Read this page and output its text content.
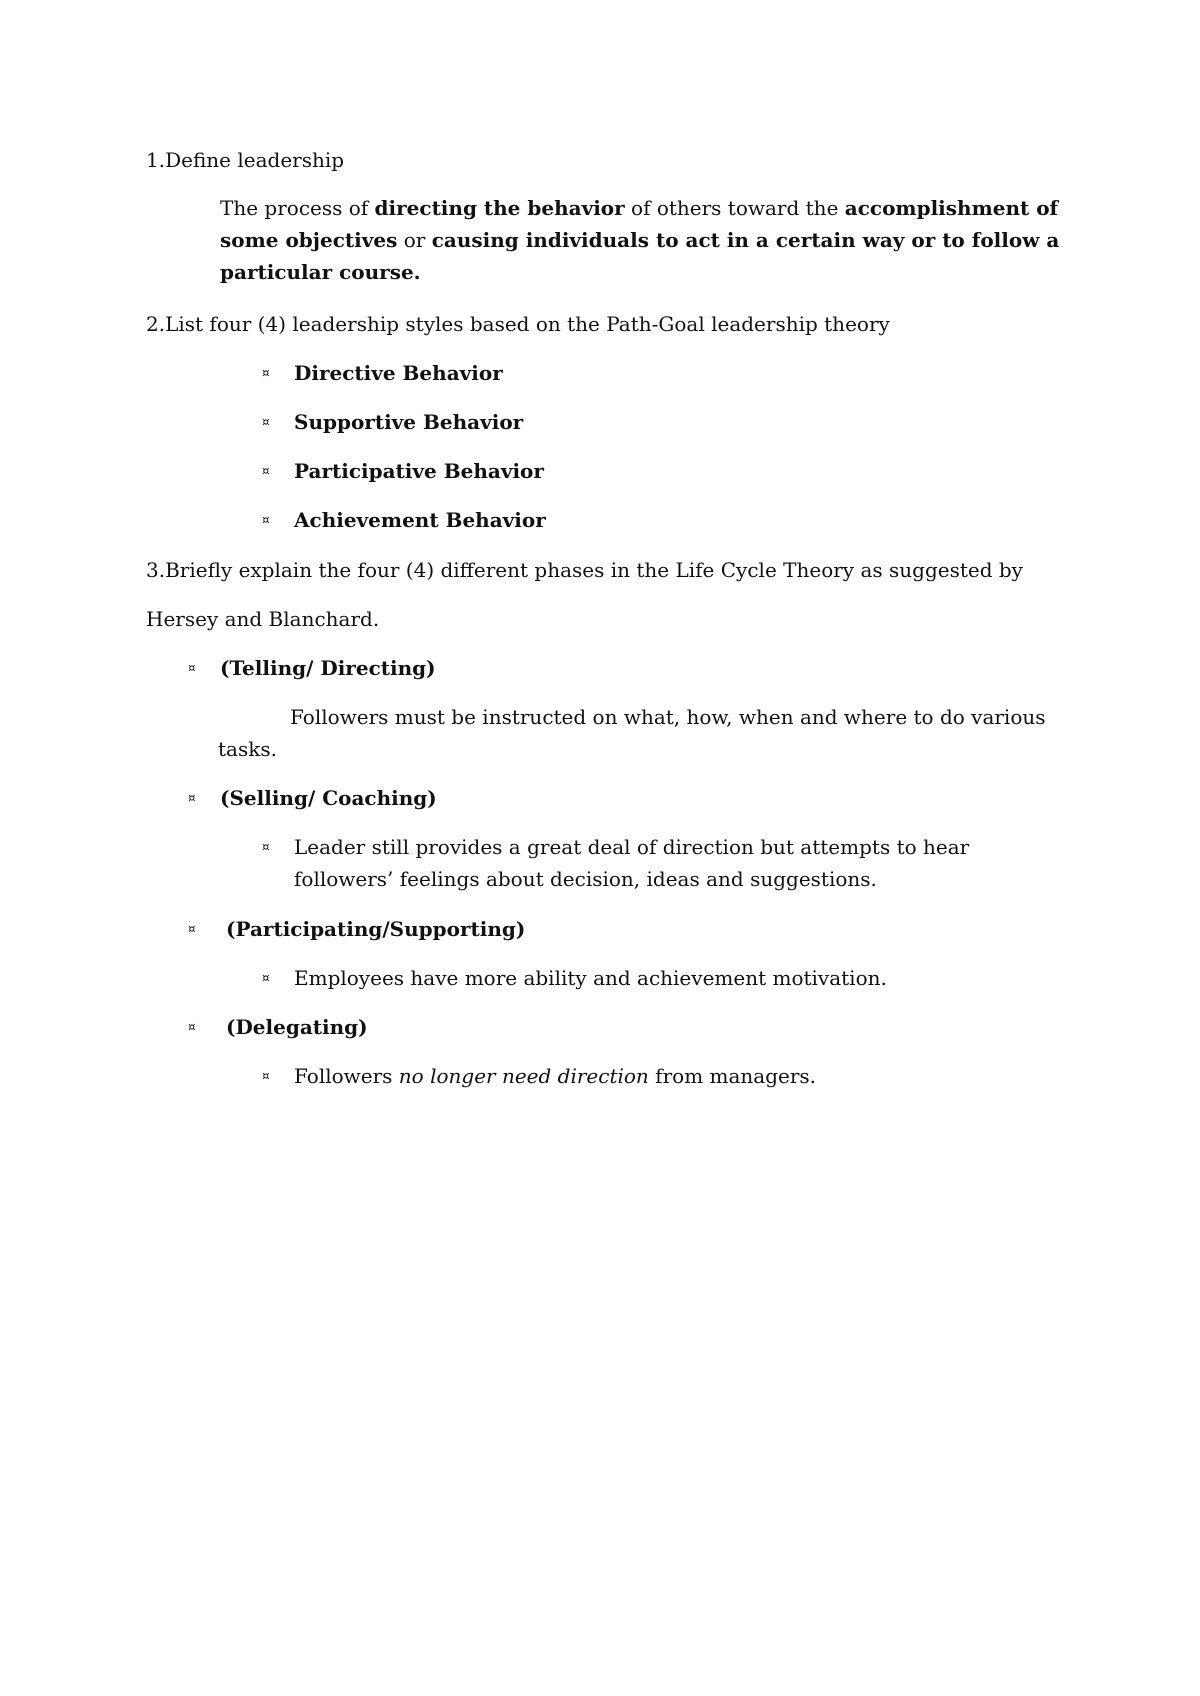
1.Define leadership
The process of directing the behavior of others toward the accomplishment of some objectives or causing individuals to act in a certain way or to follow a particular course.
2.List four (4) leadership styles based on the Path-Goal leadership theory
¤ Directive Behavior
¤ Supportive Behavior
¤ Participative Behavior
¤ Achievement Behavior
3.Briefly explain the four (4) different phases in the Life Cycle Theory as suggested by
Hersey and Blanchard.
¤ (Telling/ Directing)
Followers must be instructed on what, how, when and where to do various
tasks.
¤ (Selling/ Coaching)
¤ Leader still provides a great deal of direction but attempts to hear followers’ feelings about decision, ideas and suggestions.
¤ (Participating/Supporting)
¤ Employees have more ability and achievement motivation.
¤ (Delegating)
¤ Followers no longer need direction from managers.
